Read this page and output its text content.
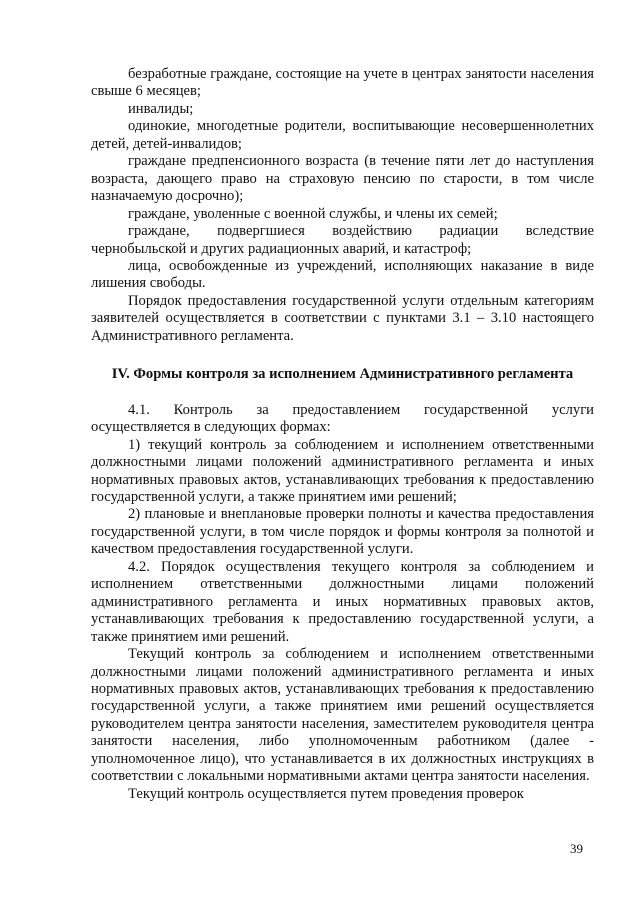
безработные граждане, состоящие на учете в центрах занятости населения свыше 6 месяцев;

инвалиды;

одинокие, многодетные родители, воспитывающие несовершеннолетних детей, детей-инвалидов;

граждане предпенсионного возраста (в течение пяти лет до наступления возраста, дающего право на страховую пенсию по старости, в том числе назначаемую досрочно);

граждане, уволенные с военной службы, и члены их семей;

граждане, подвергшиеся воздействию радиации вследствие чернобыльской и других радиационных аварий, и катастроф;

лица, освобожденные из учреждений, исполняющих наказание в виде лишения свободы.

Порядок предоставления государственной услуги отдельным категориям заявителей осуществляется в соответствии с пунктами 3.1 – 3.10 настоящего Административного регламента.

IV. Формы контроля за исполнением Административного регламента

4.1. Контроль за предоставлением государственной услуги осуществляется в следующих формах:

1) текущий контроль за соблюдением и исполнением ответственными должностными лицами положений административного регламента и иных нормативных правовых актов, устанавливающих требования к предоставлению государственной услуги, а также принятием ими решений;

2) плановые и внеплановые проверки полноты и качества предоставления государственной услуги, в том числе порядок и формы контроля за полнотой и качеством предоставления государственной услуги.

4.2. Порядок осуществления текущего контроля за соблюдением и исполнением ответственными должностными лицами положений административного регламента и иных нормативных правовых актов, устанавливающих требования к предоставлению государственной услуги, а также принятием ими решений.

Текущий контроль за соблюдением и исполнением ответственными должностными лицами положений административного регламента и иных нормативных правовых актов, устанавливающих требования к предоставлению государственной услуги, а также принятием ими решений осуществляется руководителем центра занятости населения, заместителем руководителя центра занятости населения, либо уполномоченным работником (далее - уполномоченное лицо), что устанавливается в их должностных инструкциях в соответствии с локальными нормативными актами центра занятости населения.

Текущий контроль осуществляется путем проведения проверок

39
